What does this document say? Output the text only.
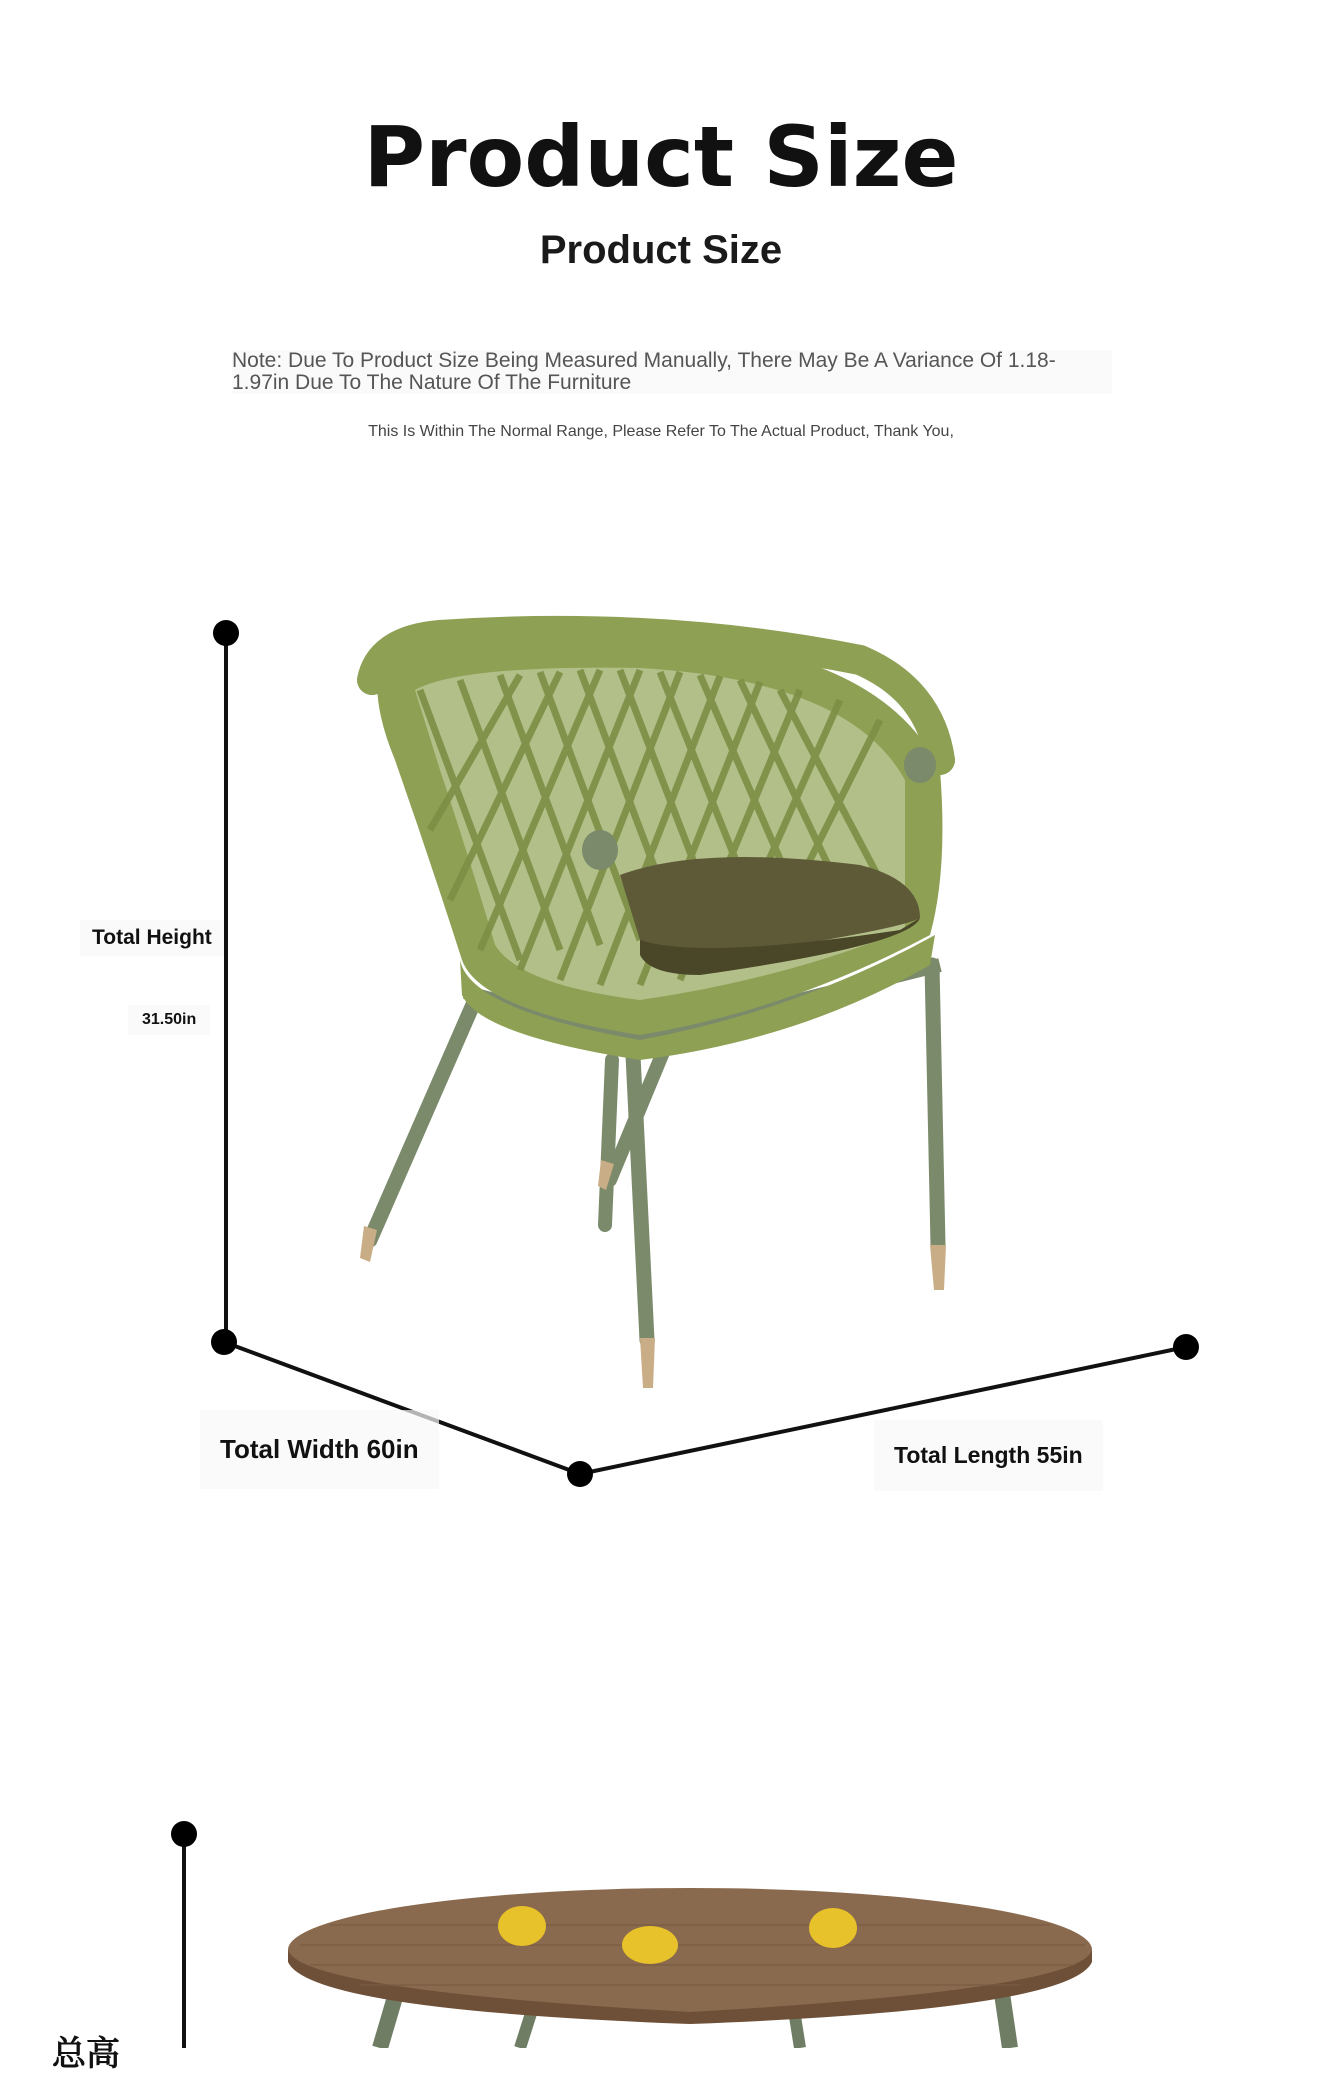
Product Size
Product Size
Note: Due To Product Size Being Measured Manually, There May Be A Variance Of 1.18-1.97in Due To The Nature Of The Furniture
This Is Within The Normal Range, Please Refer To The Actual Product, Thank You,
Total Height
31.50in
Total Width 60in	Total Length 55in
总高
